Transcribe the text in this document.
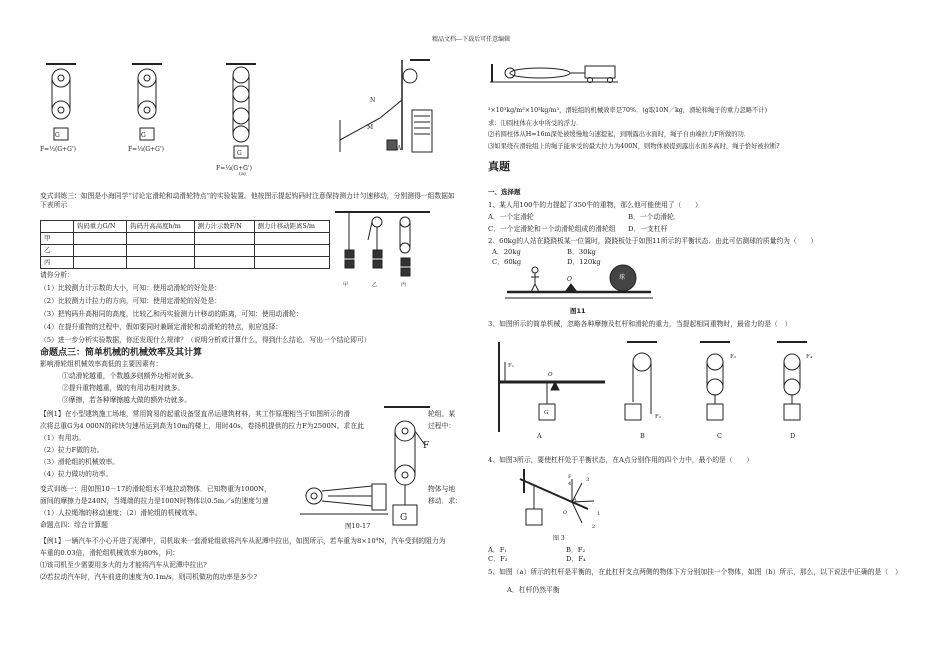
精品文档---下载后可任意编辑
G	G
G
F=½(G+G')	F=⅓(G+G')
F=¼(G+G')
(a)
N
M
A
变式训练三：如图是小海同学“讨论定滑轮和动滑轮特点”的实验装置。他按图示提起钩码时注意保持测力计匀速移动，分别测得一组数据如下表所示
	钩码重力G/N	钩码升高高度h/m	测力计示数F/N	测力计移动距离S/m
甲				
乙				
丙				
甲	乙	丙
请你分析：
（1）比较测力计示数的大小，可知：使用动滑轮的好处是：
（2）比较测力计拉力的方向，可知：使用定滑轮的好处是：
（3）把钩码升高相同的高度，比较乙和丙实验测力计移动的距离，可知：使用动滑轮：
（4）在提升重物的过程中，假如要同时兼顾定滑轮和动滑轮的特点，则应选择：
（5）进一步分析实验数据，你还发现什么规律？（说明分析或计算什么，得到什么结论．写出一个结论即可）
命题点三：简单机械的机械效率及其计算
影响滑轮组机械效率高低的主要因素有：
①动滑轮越重，个数越多则额外功相对就多。
②提升重物越重，做的有用功相对就多。
③摩擦，若各种摩擦越大做的额外功就多。
【例1】在小型建筑施工场地，常用简易的起重设备竖直吊运建筑材料，其工作原理相当于如图所示的滑
次将总重G为4 000N的砖块匀速吊运到高为10m的楼上，用时40s，卷扬机提供的拉力F为2500N。求在此
（1）有用功。
（2）拉力F做的功。
（3）滑轮组的机械效率。
（4）拉力做功的功率。
轮组。某
过程中：
F
G
变式训练一：用如图10－17的滑轮组水平地拉动物体．已知物重为1000N，
面间的摩擦力是240N，当绳端的拉力是100N时物体以0.5m／s的速度匀速
（1）人拉绳端的移动速度；（2）滑轮组的机械效率。
命题点四：综合计算题
物体与地
移动．求：
图10-17
【例1】一辆汽车不小心开进了泥潭中，司机取来一套滑轮组欲将汽车从泥潭中拉出，如图所示，若车重为8×10⁴N，汽车受到的阻力为
车重的0.03倍，滑轮组机械效率为80%，问：
⑴该司机至少需要用多大的力才能将汽车从泥潭中拉出?
⑵若拉动汽车时，汽车前进的速度为0.1m/s，则司机做功的功率是多少?
³×10³kg/m³×10³kg/m³，滑轮组的机械效率是70%．(g取10N／kg，滑轮和绳子的重力忽略不计)
求：⑴圆柱体在水中所受的浮力．
⑵若圆柱体从H=16m深处被缓慢地匀速提起，到刚露出水面时，绳子自由端拉力F所做的功．
⑶如果绕在滑轮组上的绳子能承受的最大拉力为400N，则物体被提到露出水面多高时，绳子恰好被拉断?
真题
一、选择题
1、某人用100牛的力提起了350牛的重物，那么他可能使用了（　　）
A．一个定滑轮	B．一个动滑轮．
C．一个定滑轮和一个动滑轮组成的滑轮组 D．一支杠杆
2、60kg的人站在跷跷板某一位置时，跷跷板处于如图11所示的平衡状态．由此可估测球的质量约为（　　）
A．20kg	B．30kg
C．60kg	D．120kg
O	球
图11
3、如图所示的简单机械，忽略各种摩擦及杠杆和滑轮的重力，当提起相同重物时，最省力的是（　）
A	B	C	D
F₁
F₂
F₃	F₄
O
G
4、如图3所示，要使杠杆处于平衡状态，在A点分别作用的四个力中，最小的是（　　）
A
F
4
3
1
2
O
图 3
A．F₁	B．F₂
C．F₃	D．F₄
5、如图（a）所示的杠杆是平衡的，在此杠杆支点两侧的物体下方分别加挂一个物体，如图（b）所示，那么，以下说法中正确的是（　）
A．杠杆仍然平衡
